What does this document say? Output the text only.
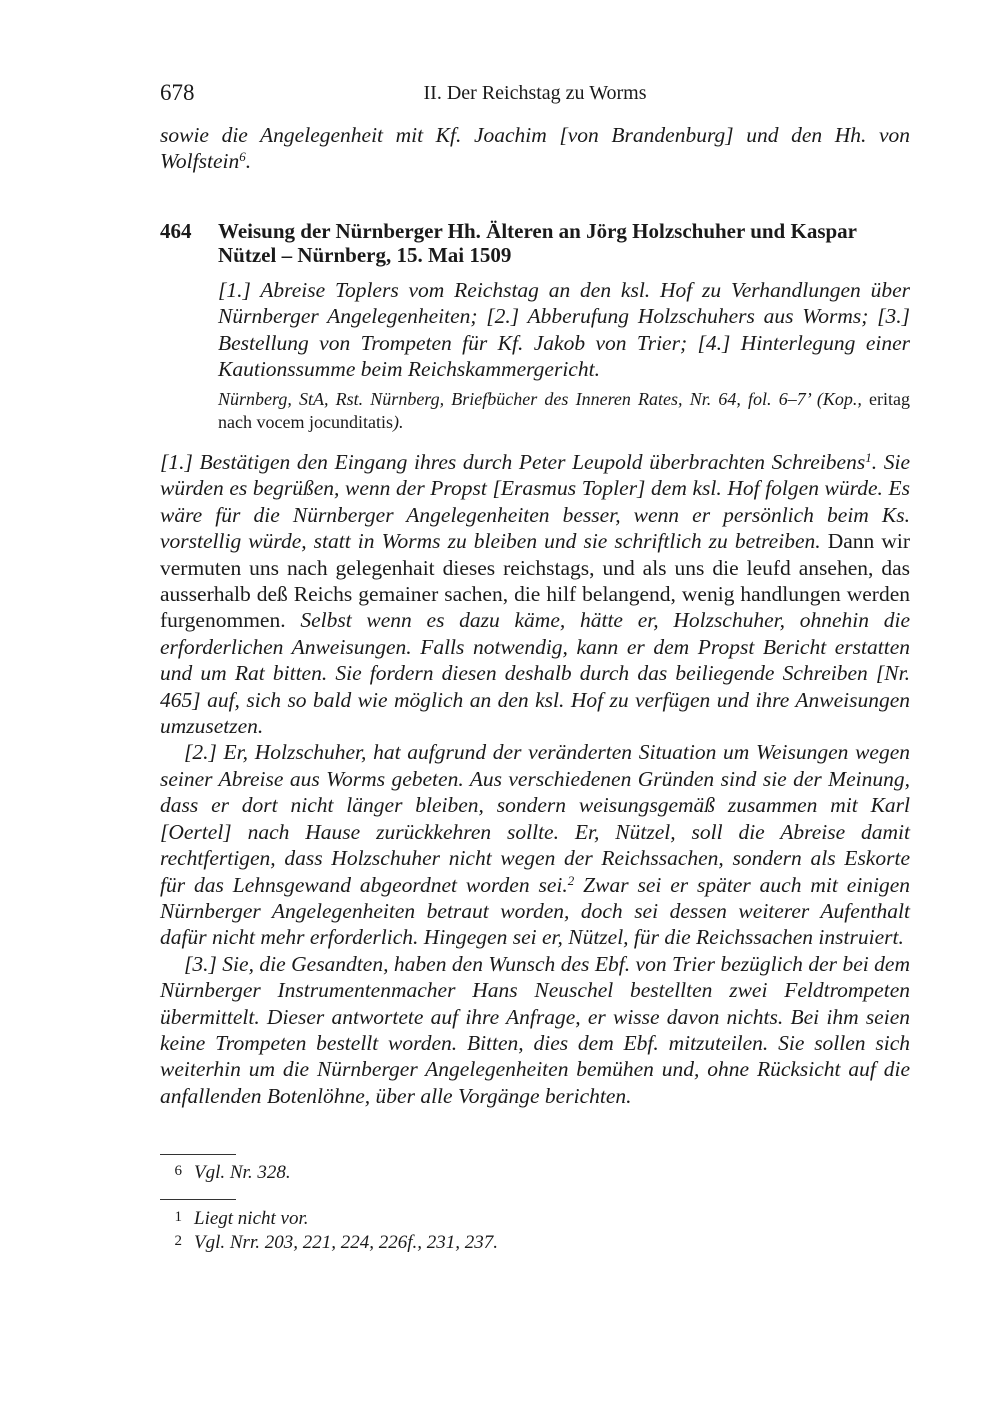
678	II. Der Reichstag zu Worms
sowie die Angelegenheit mit Kf. Joachim [von Brandenburg] und den Hh. von Wolfstein$^6$.
464 Weisung der Nürnberger Hh. Älteren an Jörg Holzschuher und Kaspar Nützel – Nürnberg, 15. Mai 1509
[1.] Abreise Toplers vom Reichstag an den ksl. Hof zu Verhandlungen über Nürnberger Angelegenheiten; [2.] Abberufung Holzschuhers aus Worms; [3.] Bestellung von Trompeten für Kf. Jakob von Trier; [4.] Hinterlegung einer Kautionssumme beim Reichskammergericht.
Nürnberg, StA, Rst. Nürnberg, Briefbücher des Inneren Rates, Nr. 64, fol. 6–7’ (Kop., eritag nach vocem jocunditatis).

[1.] Bestätigen den Eingang ihres durch Peter Leupold überbrachten Schreibens$^1$. Sie würden es begrüßen, wenn der Propst [Erasmus Topler] dem ksl. Hof folgen würde. Es wäre für die Nürnberger Angelegenheiten besser, wenn er persönlich beim Ks. vorstellig würde, statt in Worms zu bleiben und sie schriftlich zu betreiben. Dann wir vermuten uns nach gelegenhait dieses reichstags, und als uns die leufd ansehen, das ausserhalb deß Reichs gemainer sachen, die hilf belangend, wenig handlungen werden furgenommen. Selbst wenn es dazu käme, hätte er, Holzschuher, ohnehin die erforderlichen Anweisungen. Falls notwendig, kann er dem Propst Bericht erstatten und um Rat bitten. Sie fordern diesen deshalb durch das beiliegende Schreiben [Nr. 465] auf, sich so bald wie möglich an den ksl. Hof zu verfügen und ihre Anweisungen umzusetzen.

[2.] Er, Holzschuher, hat aufgrund der veränderten Situation um Weisungen wegen seiner Abreise aus Worms gebeten. Aus verschiedenen Gründen sind sie der Meinung, dass er dort nicht länger bleiben, sondern weisungsgemäß zusammen mit Karl [Oertel] nach Hause zurückkehren sollte. Er, Nützel, soll die Abreise damit rechtfertigen, dass Holzschuher nicht wegen der Reichssachen, sondern als Eskorte für das Lehnsgewand abgeordnet worden sei.$^2$ Zwar sei er später auch mit einigen Nürnberger Angelegenheiten betraut worden, doch sei dessen weiterer Aufenthalt dafür nicht mehr erforderlich. Hingegen sei er, Nützel, für die Reichssachen instruiert.

[3.] Sie, die Gesandten, haben den Wunsch des Ebf. von Trier bezüglich der bei dem Nürnberger Instrumentenmacher Hans Neuschel bestellten zwei Feldtrompeten übermittelt. Dieser antwortete auf ihre Anfrage, er wisse davon nichts. Bei ihm seien keine Trompeten bestellt worden. Bitten, dies dem Ebf. mitzuteilen. Sie sollen sich weiterhin um die Nürnberger Angelegenheiten bemühen und, ohne Rücksicht auf die anfallenden Botenlöhne, über alle Vorgänge berichten.

6 Vgl. Nr. 328.
1 Liegt nicht vor.
2 Vgl. Nrr. 203, 221, 224, 226f., 231, 237.
